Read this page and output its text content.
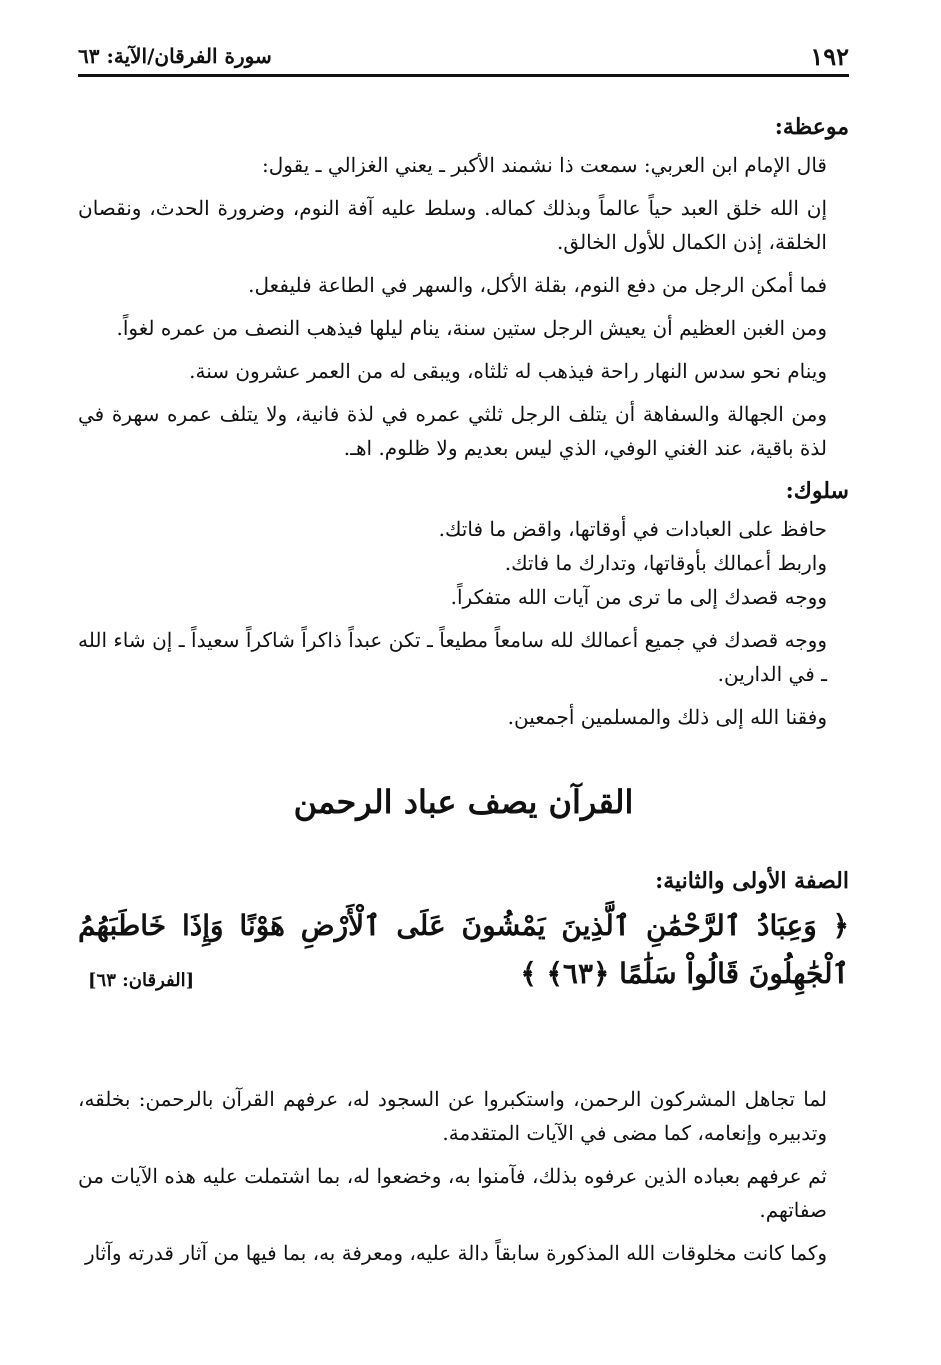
١٩٢
سورة الفرقان/الآية: ٦٣

موعظة:

قال الإمام ابن العربي: سمعت ذا نشمند الأكبر ـ يعني الغزالي ـ يقول:

إن الله خلق العبد حياً عالماً وبذلك كماله. وسلط عليه آفة النوم، وضرورة الحدث، ونقصان الخلقة، إذن الكمال للأول الخالق.

فما أمكن الرجل من دفع النوم، بقلة الأكل، والسهر في الطاعة فليفعل.

ومن الغبن العظيم أن يعيش الرجل ستين سنة، ينام ليلها فيذهب النصف من عمره لغواً.

وينام نحو سدس النهار راحة فيذهب له ثلثاه، ويبقى له من العمر عشرون سنة.

ومن الجهالة والسفاهة أن يتلف الرجل ثلثي عمره في لذة فانية، ولا يتلف عمره سهرة في لذة باقية، عند الغني الوفي، الذي ليس بعديم ولا ظلوم. اهـ.

سلوك:

حافظ على العبادات في أوقاتها، واقض ما فاتك.

واربط أعمالك بأوقاتها، وتدارك ما فاتك.

ووجه قصدك إلى ما ترى من آيات الله متفكراً.

ووجه قصدك في جميع أعمالك لله سامعاً مطيعاً ـ تكن عبداً ذاكراً شاكراً سعيداً ـ إن شاء الله ـ في الدارين.

وفقنا الله إلى ذلك والمسلمين أجمعين.

القرآن يصف عباد الرحمن

الصفة الأولى والثانية:

﴿ وَعِبَادُ ٱلرَّحْمَٰنِ ٱلَّذِينَ يَمْشُونَ عَلَى ٱلْأَرْضِ هَوْنًا وَإِذَا خَاطَبَهُمُ ٱلْجَٰهِلُونَ قَالُواْ سَلَٰمًا ﴿٦٣﴾ ﴾

[الفرقان: ٦٣]

لما تجاهل المشركون الرحمن، واستكبروا عن السجود له، عرفهم القرآن بالرحمن: بخلقه، وتدبيره وإنعامه، كما مضى في الآيات المتقدمة.

ثم عرفهم بعباده الذين عرفوه بذلك، فآمنوا به، وخضعوا له، بما اشتملت عليه هذه الآيات من صفاتهم.

وكما كانت مخلوقات الله المذكورة سابقاً دالة عليه، ومعرفة به، بما فيها من آثار قدرته وآثار
